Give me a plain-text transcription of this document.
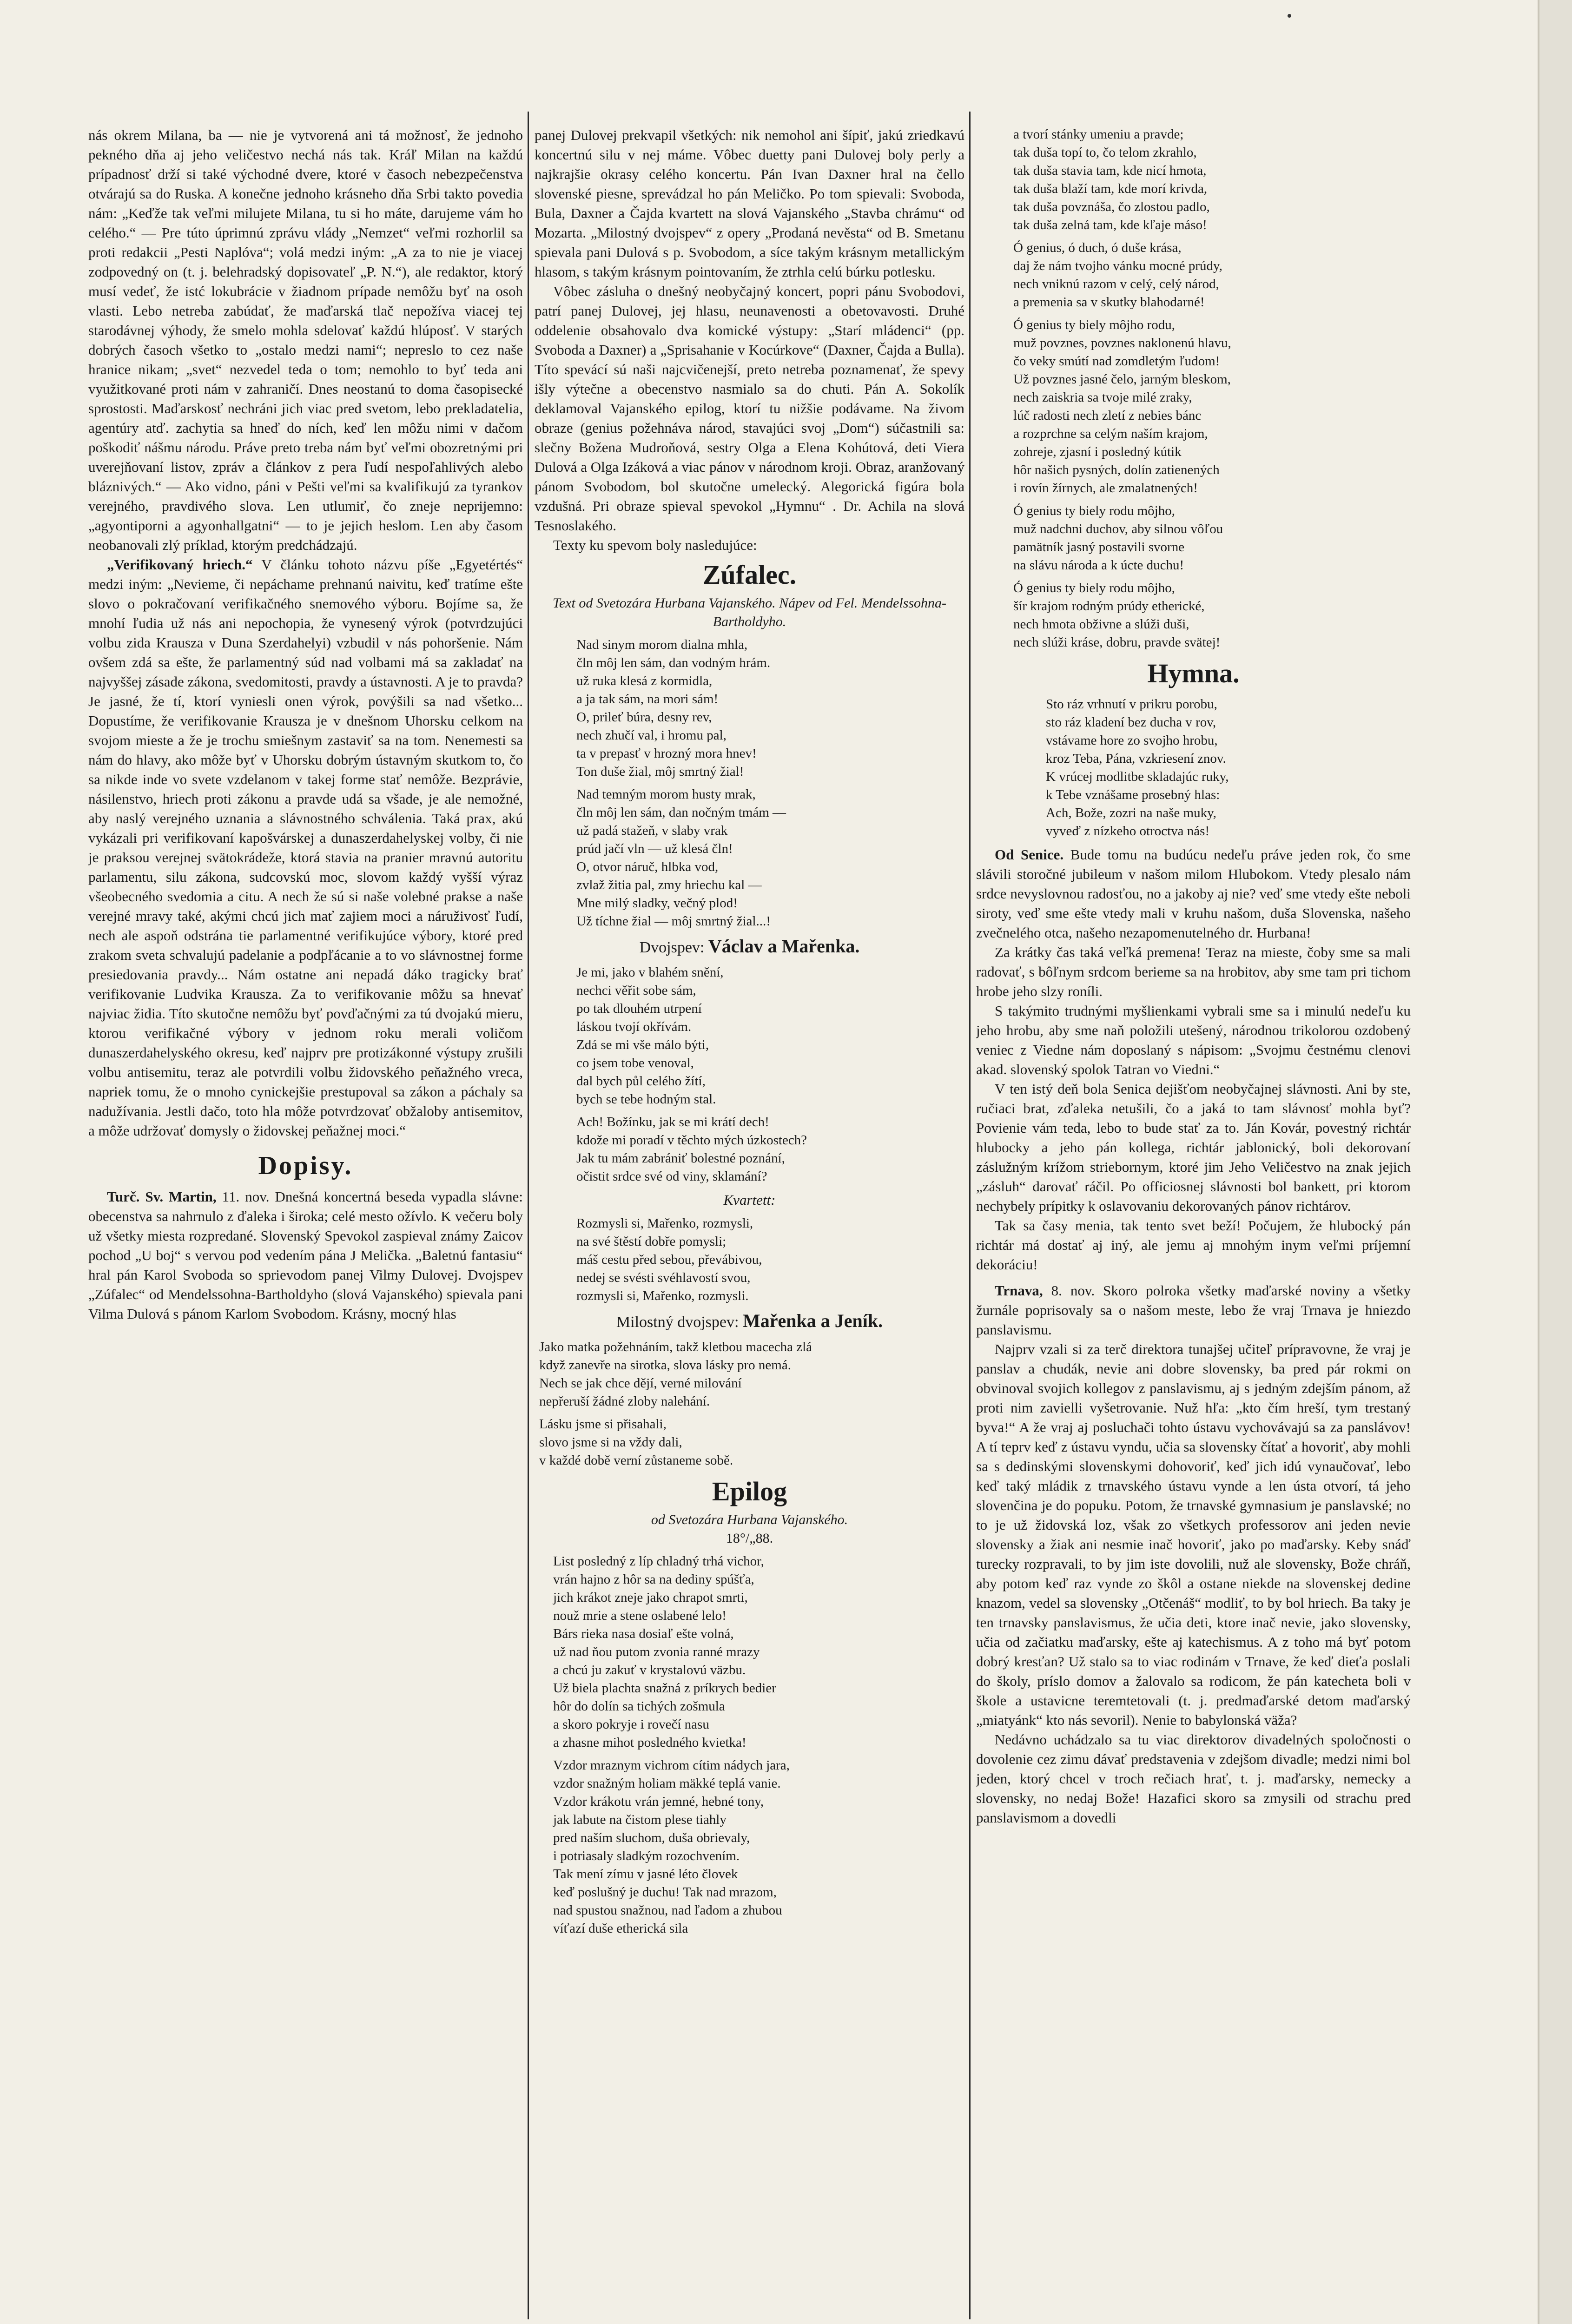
nás okrem Milana, ba — nie je vytvorená ani tá možnosť, že jednoho pekného dňa aj jeho veličestvo nechá nás tak. Kráľ Milan na každú prípadnosť drží si také východné dvere, ktoré v časoch nebezpečenstva otvárajú sa do Ruska. A konečne jednoho krásneho dňa Srbi takto povedia nám: „Keďže tak veľmi milujete Milana, tu si ho máte, darujeme vám ho celého.“ — Pre túto úprimnú zprávu vlády „Nemzet“ veľmi rozhorlil sa proti redakcii „Pesti Naplóva“; volá medzi iným: „A za to nie je viacej zodpovedný on (t. j. belehradský dopisovateľ „P. N.“), ale redaktor, ktorý musí vedeť, že istć lokubrácie v žiadnom prípade nemôžu byť na osoh vlasti. Lebo netreba zabúdať, že maďarská tlač nepožíva viacej tej starodávnej výhody, že smelo mohla sdelovať každú hlúposť. V starých dobrých časoch všetko to „ostalo medzi nami“; nepreslo to cez naše hranice nikam; „svet“ nezvedel teda o tom; nemohlo to byť teda ani využitkované proti nám v zahraničí. Dnes neostanú to doma časopisecké sprostosti. Maďarskosť nechráni jich viac pred svetom, lebo prekladatelia, agentúry atď. zachytia sa hneď do ních, keď len môžu nimi v dačom poškodiť nášmu národu. Práve preto treba nám byť veľmi obozretnými pri uverejňovaní listov, zpráv a článkov z pera ľudí nespoľahlivých alebo bláznivých.“ — Ako vidno, páni v Pešti veľmi sa kvalifikujú za tyrankov verejného, pravdivého slova. Len utlumiť, čo zneje neprijemno: „agyontiporni a agyonhallgatni“ — to je jejich heslom. Len aby časom neobanovali zlý príklad, ktorým predchádzajú.

„Verifikovaný hriech.“ V článku tohoto názvu píše „Egyetértés“ medzi iným: „Nevieme, či nepáchame prehnanú naivitu, keď tratíme ešte slovo o pokračovaní verifikačného snemového výboru. Bojíme sa, že mnohí ľudia už nás ani nepochopia, že vynesený výrok (potvrdzujúci volbu zida Krausza v Duna Szerdahelyi) vzbudil v nás pohoršenie. Nám ovšem zdá sa ešte, že parlamentný súd nad volbami má sa zakladať na najvyššej zásade zákona, svedomitosti, pravdy a ústavnosti. A je to pravda? Je jasné, že tí, ktorí vyniesli onen výrok, povýšili sa nad všetko... Dopustíme, že verifikovanie Krausza je v dnešnom Uhorsku celkom na svojom mieste a že je trochu smiešnym zastaviť sa na tom. Nenemesti sa nám do hlavy, ako môže byť v Uhorsku dobrým ústavným skutkom to, čo sa nikde inde vo svete vzdelanom v takej forme stať nemôže. Bezprávie, násilenstvo, hriech proti zákonu a pravde udá sa všade, je ale nemožné, aby naslý verejného uznania a slávnostného schválenia. Taká prax, akú vykázali pri verifikovaní kapošvárskej a dunaszerdahelyskej volby, či nie je praksou verejnej svätokrádeže, ktorá stavia na pranier mravnú autoritu parlamentu, silu zákona, sudcovskú moc, slovom každý vyšší výraz všeobecného svedomia a citu. A nech že sú si naše volebné prakse a naše verejné mravy také, akými chcú jich mať zajiem moci a náruživosť ľudí, nech ale aspoň odstrána tie parlamentné verifikujúce výbory, ktoré pred zrakom sveta schvalujú padelanie a podpľácanie a to vo slávnostnej forme presiedovania pravdy... Nám ostatne ani nepadá dáko tragicky brať verifikovanie Ludvika Krausza. Za to verifikovanie môžu sa hnevať najviac židia. Títo skutočne nemôžu byť povďačnými za tú dvojakú mieru, ktorou verifikačné výbory v jednom roku merali voličom dunaszerdahelyského okresu, keď najprv pre protizákonné výstupy zrušili volbu antisemitu, teraz ale potvrdili volbu židovského peňažného vreca, napriek tomu, že o mnoho cynickejšie prestupoval sa zákon a páchaly sa nadužívania. Jestli dačo, toto hla môže potvrdzovať obžaloby antisemitov, a môže udržovať domysly o židovskej peňažnej moci.“

Dopisy.

Turč. Sv. Martin, 11. nov. Dnešná koncertná beseda vypadla slávne: obecenstva sa nahrnulo z ďaleka i široka; celé mesto ožívlo. K večeru boly už všetky miesta rozpredané. Slovenský Spevokol zaspieval známy Zaicov pochod „U boj“ s vervou pod vedením pána J Melička. „Baletnú fantasiu“ hral pán Karol Svoboda so sprievodom panej Vilmy Dulovej. Dvojspev „Zúfalec“ od Mendelssohna-Bartholdyho (slová Vajanského) spievala pani Vilma Dulová s pánom Karlom Svobodom. Krásny, mocný hlas

panej Dulovej prekvapil všetkých: nik nemohol ani šípiť, jakú zriedkavú koncertnú silu v nej máme. Vôbec duetty pani Dulovej boly perly a najkrajšie okrasy celého koncertu. Pán Ivan Daxner hral na čello slovenské piesne, sprevádzal ho pán Meličko. Po tom spievali: Svoboda, Bula, Daxner a Čajda kvartett na slová Vajanského „Stavba chrámu“ od Mozarta. „Milostný dvojspev“ z opery „Prodaná nevěsta“ od B. Smetanu spievala pani Dulová s p. Svobodom, a síce takým krásnym metallickým hlasom, s takým krásnym pointovaním, že ztrhla celú búrku potlesku.

Vôbec zásluha o dnešný neobyčajný koncert, popri pánu Svobodovi, patrí panej Dulovej, jej hlasu, neunavenosti a obetovavosti. Druhé oddelenie obsahovalo dva komické výstupy: „Starí mládenci“ (pp. Svoboda a Daxner) a „Sprisahanie v Kocúrkove“ (Daxner, Čajda a Bulla). Títo spevácí sú naši najcvičenejší, preto netreba poznamenať, že spevy išly výtečne a obecenstvo nasmialo sa do chuti. Pán A. Sokolík deklamoval Vajanského epilog, ktorí tu nižšie podávame. Na živom obraze (genius požehnáva národ, stavajúci svoj „Dom“) súčastnili sa: slečny Božena Mudroňová, sestry Olga a Elena Kohútová, deti Viera Dulová a Olga Izáková a viac pánov v národnom kroji. Obraz, aranžovaný pánom Svobodom, bol skutočne umelecký. Alegorická figúra bola vzdušná. Pri obraze spieval spevokol „Hymnu“ . Dr. Achila na slová Tesnoslakého.

Texty ku spevom boly nasledujúce:

Zúfalec.
Text od Svetozára Hurbana Vajanského. Nápev od Fel. Mendelssohna-Bartholdyho.
Nad sinym morom dialna mhla,
čln môj len sám, dan vodným hrám.
už ruka klesá z kormidla,
a ja tak sám, na mori sám!
O, prileť búra, desny rev,
nech zhučí val, i hromu pal,
ta v prepasť v hrozný mora hnev!
Ton duše žial, môj smrtný žial!
Nad temným morom husty mrak,
čln môj len sám, dan nočným tmám —
už padá stažeň, v slaby vrak
prúd jačí vln — už klesá čln!
O, otvor náruč, hlbka vod,
zvlaž žitia pal, zmy hriechu kal —
Mne milý sladky, večný plod!
Už tíchne žial — môj smrtný žial...!
Dvojspev: Václav a Mařenka.
Je mi, jako v blahém snění,
nechci věřit sobe sám,
po tak dlouhém utrpení
láskou tvojí okřívám.
Zdá se mi vše málo býti,
co jsem tobe venoval,
dal bych půl celého žítí,
bych se tebe hodným stal.
Ach! Božínku, jak se mi krátí dech!
kdože mi poradí v těchto mých úzkostech?
Jak tu mám zabrániť bolestné poznání,
očistit srdce své od viny, sklamání?
Kvartett:
Rozmysli si, Mařenko, rozmysli,
na své štěstí dobře pomysli;
máš cestu před sebou, převábivou,
nedej se svésti svéhlavostí svou,
rozmysli si, Mařenko, rozmysli.
Milostný dvojspev: Mařenka a Jeník.
Jako matka požehnáním, takž kletbou macecha zlá
když zanevře na sirotka, slova lásky pro nemá.
Nech se jak chce dějí, verné milování
nepřeruší žádné zloby nalehání.
Lásku jsme si přisahali,
slovo jsme si na vždy dali,
v každé době verní zůstaneme sobě.
Epilog
od Svetozára Hurbana Vajanského.
18°/„88.
List posledný z líp chladný trhá vichor,
vrán hajno z hôr sa na dediny spúšťa,
jich krákot zneje jako chrapot smrti,
nouž mrie a stene oslabené lelo!
Bárs rieka nasa dosiaľ ešte volná,
už nad ňou putom zvonia ranné mrazy
a chcú ju zakuť v krystalovú väzbu.
Už biela plachta snažná z príkrych bedier
hôr do dolín sa tichých zošmula
a skoro pokryje i rovečí nasu
a zhasne mihot posledného kvietka!
Vzdor mraznym vichrom cítim nádych jara,
vzdor snažným holiam mäkké teplá vanie.
Vzdor krákotu vrán jemné, hebné tony,
jak labute na čistom plese tiahly
pred naším sluchom, duša obrievaly,
i potriasaly sladkým rozochvením.
Tak mení zímu v jasné léto človek
keď poslušný je duchu! Tak nad mrazom,
nad spustou snažnou, nad ľadom a zhubou
víťazí duše etherická sila
a tvorí stánky umeniu a pravde;
tak duša topí to, čo telom zkrahlo,
tak duša stavia tam, kde nicí hmota,
tak duša blaží tam, kde morí krivda,
tak duša povznáša, čo zlostou padlo,
tak duša zelná tam, kde kľaje máso!
Ó genius, ó duch, ó duše krása,
daj že nám tvojho vánku mocné prúdy,
nech vniknú razom v celý, celý národ,
a premenia sa v skutky blahodarné!
Ó genius ty biely môjho rodu,
muž povznes, povznes naklonenú hlavu,
čo veky smútí nad zomdletým ľudom!
Už povznes jasné čelo, jarným bleskom,
nech zaiskria sa tvoje milé zraky,
lúč radosti nech zletí z nebies bánc
a rozprchne sa celým naším krajom,
zohreje, zjasní i posledný kútik
hôr našich pysných, dolín zatienených
i rovín žírnych, ale zmalatnených!
Ó genius ty biely rodu môjho,
muž nadchni duchov, aby silnou vôľou
pamätník jasný postavili svorne
na slávu národa a k úcte duchu!
Ó genius ty biely rodu môjho,
šír krajom rodným prúdy etherické,
nech hmota obživne a slúži duši,
nech slúži kráse, dobru, pravde svätej!
Hymna.
Sto ráz vrhnutí v prikru porobu,
sto ráz kladení bez ducha v rov,
vstávame hore zo svojho hrobu,
kroz Teba, Pána, vzkriesení znov.
K vrúcej modlitbe skladajúc ruky,
k Tebe vznášame prosebný hlas:
Ach, Bože, zozri na naše muky,
vyveď z nízkeho otroctva nás!

Od Senice. Bude tomu na budúcu nedeľu práve jeden rok, čo sme slávili storočné jubileum v našom milom Hlubokom. Vtedy plesalo nám srdce nevyslovnou radosťou, no a jakoby aj nie? veď sme vtedy ešte neboli siroty, veď sme ešte vtedy mali v kruhu našom, duša Slovenska, našeho zvečnelého otca, našeho nezapomenutelného dr. Hurbana!

Za krátky čas taká veľká premena! Teraz na mieste, čoby sme sa mali radovať, s bôľnym srdcom berieme sa na hrobitov, aby sme tam pri tichom hrobe jeho slzy roníli.

S takýmito trudnými myšlienkami vybrali sme sa i minulú nedeľu ku jeho hrobu, aby sme naň položili utešený, národnou trikolorou ozdobený veniec z Viedne nám doposlaný s nápisom: „Svojmu čestnému clenovi akad. slovenský spolok Tatran vo Viedni.“

V ten istý deň bola Senica dejišťom neobyčajnej slávnosti. Ani by ste, ručiaci brat, zďaleka netušili, čo a jaká to tam slávnosť mohla byť? Povienie vám teda, lebo to bude stať za to. Ján Kovár, povestný richtár hlubocky a jeho pán kollega, richtár jablonický, boli dekorovaní záslužným krížom striebornym, ktoré jim Jeho Veličestvo na znak jejich „zásluh“ darovať ráčil. Po officiosnej slávnosti bol bankett, pri ktorom nechybely prípitky k oslavovaniu dekorovaných pánov richtárov.

Tak sa časy menia, tak tento svet beží! Počujem, že hlubocký pán richtár má dostať aj iný, ale jemu aj mnohým inym veľmi príjemní dekoráciu!

Trnava, 8. nov. Skoro polroka všetky maďarské noviny a všetky žurnále poprisovaly sa o našom meste, lebo že vraj Trnava je hniezdo panslavismu.

Najprv vzali si za terč direktora tunajšej učiteľ prípravovne, že vraj je panslav a chudák, nevie ani dobre slovensky, ba pred pár rokmi on obvinoval svojich kollegov z panslavismu, aj s jedným zdejším pánom, až proti nim zavielli vyšetrovanie. Nuž hľa: „kto čím hreší, tym trestaný byva!“ A že vraj aj posluchači tohto ústavu vychovávajú sa za panslávov! A tí teprv keď z ústavu vyndu, učia sa slovensky čítať a hovoriť, aby mohli sa s dedinskými slovenskymi dohovoriť, keď jich idú vynaučovať, lebo keď taký mládik z trnavského ústavu vynde a len ústa otvorí, tá jeho slovenčina je do popuku. Potom, že trnavské gymnasium je panslavské; no to je už židovská loz, však zo všetkych professorov ani jeden nevie slovensky a žiak ani nesmie inač hovoriť, jako po maďarsky. Keby snáď turecky rozpravali, to by jim iste dovolili, nuž ale slovensky, Bože chráň, aby potom keď raz vynde zo škôl a ostane niekde na slovenskej dedine knazom, vedel sa slovensky „Otčenáš“ modliť, to by bol hriech. Ba taky je ten trnavsky panslavismus, že učia deti, ktore inač nevie, jako slovensky, učia od začiatku maďarsky, ešte aj katechismus. A z toho má byť potom dobrý kresťan? Už stalo sa to viac rodinám v Trnave, že keď dieťa poslali do školy, príslo domov a žalovalo sa rodicom, že pán katecheta boli v škole a ustavicne teremtetovali (t. j. predmaďarské detom maďarský „miatyánk“ kto nás sevoril). Nenie to babylonská väža?

Nedávno uchádzalo sa tu viac direktorov divadelných spoločnosti o dovolenie cez zimu dávať predstavenia v zdejšom divadle; medzi nimi bol jeden, ktorý chcel v troch rečiach hrať, t. j. maďarsky, nemecky a slovensky, no nedaj Bože! Hazafici skoro sa zmysili od strachu pred panslavismom a dovedli
